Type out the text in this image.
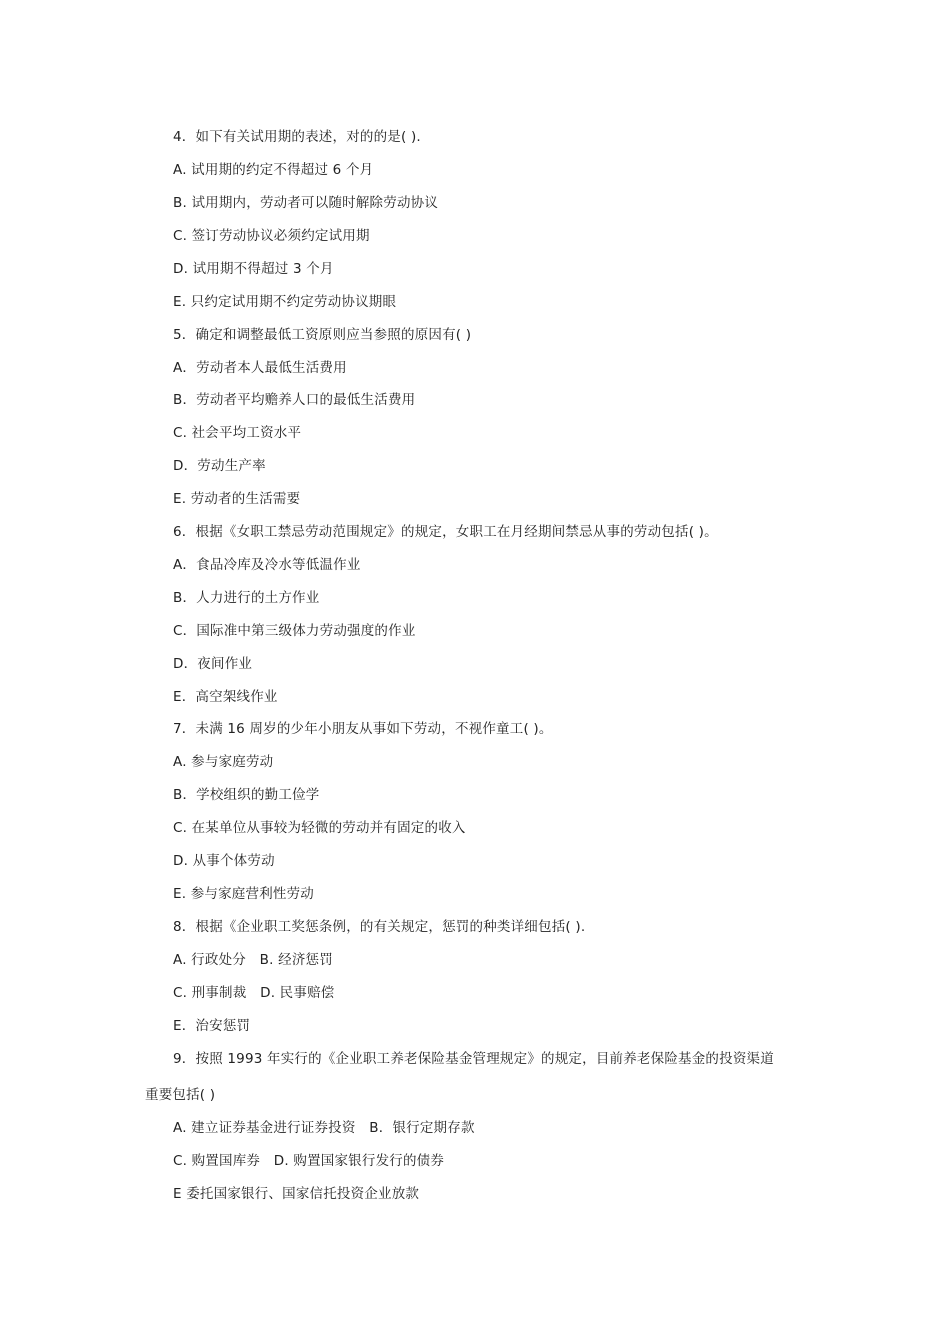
4．如下有关试用期的表述，对的的是( ).
A. 试用期的约定不得超过 6 个月
B. 试用期内，劳动者可以随时解除劳动协议
C. 签订劳动协议必须约定试用期
D. 试用期不得超过 3 个月
E. 只约定试用期不约定劳动协议期眼
5．确定和调整最低工资原则应当参照的原因有( )
A．劳动者本人最低生活费用
B．劳动者平均赡养人口的最低生活费用
C. 社会平均工资水平
D．劳动生产率
E. 劳动者的生活需要
6．根据《女职工禁忌劳动范围规定》的规定，女职工在月经期间禁忌从事的劳动包括( )。
A．食品冷库及冷水等低温作业
B．人力进行的土方作业
C．国际准中第三级体力劳动强度的作业
D．夜间作业
E．高空架线作业
7．未满 16 周岁的少年小朋友从事如下劳动，不视作童工( )。
A. 参与家庭劳动
B．学校组织的勤工俭学
C. 在某单位从事较为轻微的劳动并有固定的收入
D. 从事个体劳动
E. 参与家庭营利性劳动
8．根据《企业职工奖惩条例，的有关规定，惩罚的种类详细包括( ).
A. 行政处分　B. 经济惩罚
C. 刑事制裁　D. 民事赔偿
E．治安惩罚
9．按照 1993 年实行的《企业职工养老保险基金管理规定》的规定，目前养老保险基金的投资渠道
重要包括( )
A. 建立证券基金进行证券投资　B．银行定期存款
C. 购置国库券　D. 购置国家银行发行的债券
E 委托国家银行、国家信托投资企业放款
